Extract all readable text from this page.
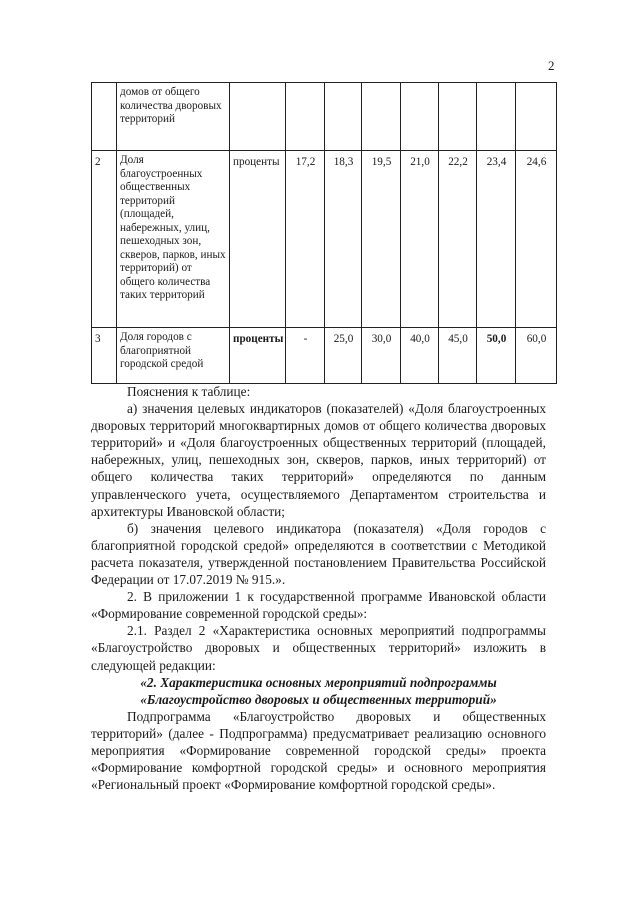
2
	домов от общего количества дворовых территорий								
2	Доля благоустроенных общественных территорий (площадей, набережных, улиц, пешеходных зон, скверов, парков, иных территорий) от общего количества таких территорий	проценты	17,2	18,3	19,5	21,0	22,2	23,4	24,6
3	Доля городов с благоприятной городской средой	проценты	-	25,0	30,0	40,0	45,0	50,0	60,0

Пояснения к таблице:

а) значения целевых индикаторов (показателей) «Доля благоустроенных дворовых территорий многоквартирных домов от общего количества дворовых территорий» и «Доля благоустроенных общественных территорий (площадей, набережных, улиц, пешеходных зон, скверов, парков, иных территорий) от общего количества таких территорий» определяются по данным управленческого учета, осуществляемого Департаментом строительства и архитектуры Ивановской области;

б) значения целевого индикатора (показателя) «Доля городов с благоприятной городской средой» определяются в соответствии с Методикой расчета показателя, утвержденной постановлением Правительства Российской Федерации от 17.07.2019 № 915.».

2. В приложении 1 к государственной программе Ивановской области «Формирование современной городской среды»:

2.1. Раздел 2 «Характеристика основных мероприятий подпрограммы «Благоустройство дворовых и общественных территорий» изложить в следующей редакции:

«2. Характеристика основных мероприятий подпрограммы

«Благоустройство дворовых и общественных территорий»

Подпрограмма «Благоустройство дворовых и общественных территорий» (далее - Подпрограмма) предусматривает реализацию основного мероприятия «Формирование современной городской среды» проекта «Формирование комфортной городской среды» и основного мероприятия «Региональный проект «Формирование комфортной городской среды».
